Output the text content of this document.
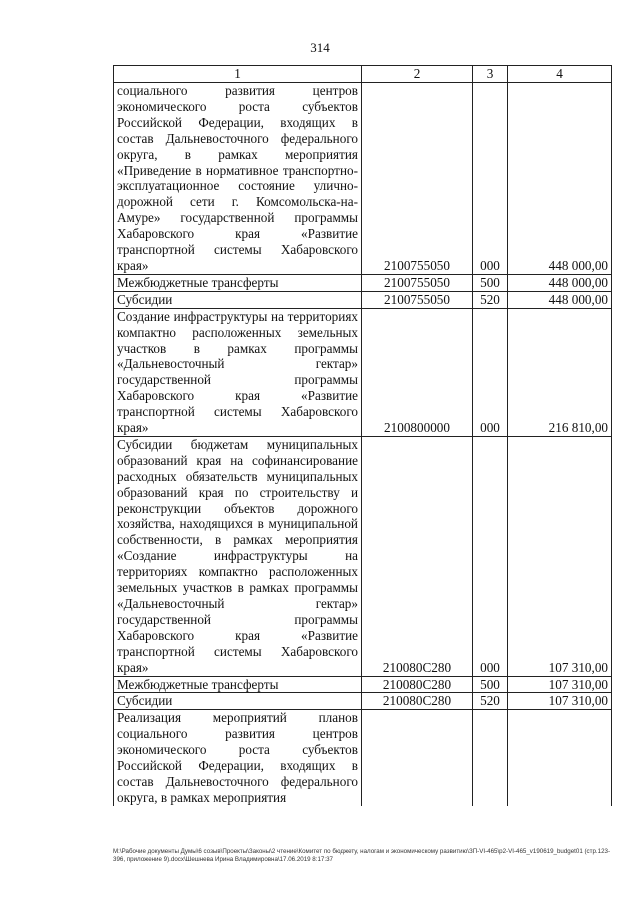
314
1	2	3	4
социального развития центров экономического роста субъектов Российской Федерации, входящих в состав Дальневосточного федерального округа, в рамках мероприятия «Приведение в нормативное транспортно-эксплуатационное состояние улично-дорожной сети г. Комсомольска-на-Амуре» государственной программы Хабаровского края «Развитие транспортной системы Хабаровского края»	2100755050	000	448 000,00
Межбюджетные трансферты	2100755050	500	448 000,00
Субсидии	2100755050	520	448 000,00
Создание инфраструктуры на территориях компактно расположенных земельных участков в рамках программы «Дальневосточный гектар» государственной программы Хабаровского края «Развитие транспортной системы Хабаровского края»	2100800000	000	216 810,00
Субсидии бюджетам муниципальных образований края на софинансирование расходных обязательств муниципальных образований края по строительству и реконструкции объектов дорожного хозяйства, находящихся в муниципальной собственности, в рамках мероприятия «Создание инфраструктуры на территориях компактно расположенных земельных участков в рамках программы «Дальневосточный гектар» государственной программы Хабаровского края «Развитие транспортной системы Хабаровского края»	210080С280	000	107 310,00
Межбюджетные трансферты	210080С280	500	107 310,00
Субсидии	210080С280	520	107 310,00
Реализация мероприятий планов социального развития центров экономического роста субъектов Российской Федерации, входящих в состав Дальневосточного федерального округа, в рамках мероприятия			
M:\Рабочие документы Думы\6 созыв\Проекты\Законы\2 чтение\Комитет по бюджету, налогам и экономическому развитию\ЗП-VI-465\р2-VI-465_v190619_budget01 (стр.123-396, приложение 9).docx\Шешнева Ирина Владимировна\17.06.2019 8:17:37
